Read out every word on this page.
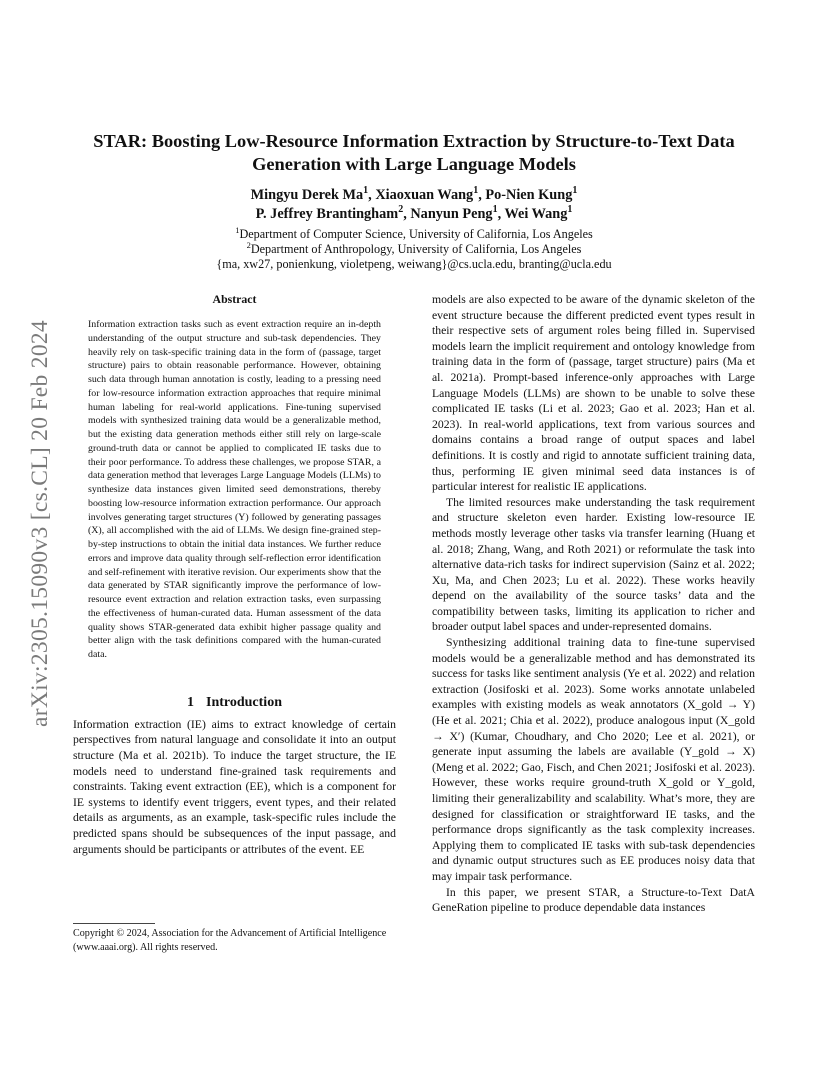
arXiv:2305.15090v3 [cs.CL] 20 Feb 2024
STAR: Boosting Low-Resource Information Extraction by Structure-to-Text Data Generation with Large Language Models
Mingyu Derek Ma$^1$, Xiaoxuan Wang$^1$, Po-Nien Kung$^1$
P. Jeffrey Brantingham$^2$, Nanyun Peng$^1$, Wei Wang$^1$
$^1$Department of Computer Science, University of California, Los Angeles
$^2$Department of Anthropology, University of California, Los Angeles
{ma, xw27, ponienkung, violetpeng, weiwang}@cs.ucla.edu, branting@ucla.edu
Abstract

Information extraction tasks such as event extraction require an in-depth understanding of the output structure and sub-task dependencies. They heavily rely on task-specific training data in the form of (passage, target structure) pairs to obtain reasonable performance. However, obtaining such data through human annotation is costly, leading to a pressing need for low-resource information extraction approaches that require minimal human labeling for real-world applications. Fine-tuning supervised models with synthesized training data would be a generalizable method, but the existing data generation methods either still rely on large-scale ground-truth data or cannot be applied to complicated IE tasks due to their poor performance. To address these challenges, we propose STAR, a data generation method that leverages Large Language Models (LLMs) to synthesize data instances given limited seed demonstrations, thereby boosting low-resource information extraction performance. Our approach involves generating target structures (Y) followed by generating passages (X), all accomplished with the aid of LLMs. We design fine-grained step-by-step instructions to obtain the initial data instances. We further reduce errors and improve data quality through self-reflection error identification and self-refinement with iterative revision. Our experiments show that the data generated by STAR significantly improve the performance of low-resource event extraction and relation extraction tasks, even surpassing the effectiveness of human-curated data. Human assessment of the data quality shows STAR-generated data exhibit higher passage quality and better align with the task definitions compared with the human-curated data.

1 Introduction

Information extraction (IE) aims to extract knowledge of certain perspectives from natural language and consolidate it into an output structure (Ma et al. 2021b). To induce the target structure, the IE models need to understand fine-grained task requirements and constraints. Taking event extraction (EE), which is a component for IE systems to identify event triggers, event types, and their related details as arguments, as an example, task-specific rules include the predicted spans should be subsequences of the input passage, and arguments should be participants or attributes of the event. EE

models are also expected to be aware of the dynamic skeleton of the event structure because the different predicted event types result in their respective sets of argument roles being filled in. Supervised models learn the implicit requirement and ontology knowledge from training data in the form of (passage, target structure) pairs (Ma et al. 2021a). Prompt-based inference-only approaches with Large Language Models (LLMs) are shown to be unable to solve these complicated IE tasks (Li et al. 2023; Gao et al. 2023; Han et al. 2023). In real-world applications, text from various sources and domains contains a broad range of output spaces and label definitions. It is costly and rigid to annotate sufficient training data, thus, performing IE given minimal seed data instances is of particular interest for realistic IE applications.

The limited resources make understanding the task requirement and structure skeleton even harder. Existing low-resource IE methods mostly leverage other tasks via transfer learning (Huang et al. 2018; Zhang, Wang, and Roth 2021) or reformulate the task into alternative data-rich tasks for indirect supervision (Sainz et al. 2022; Xu, Ma, and Chen 2023; Lu et al. 2022). These works heavily depend on the availability of the source tasks’ data and the compatibility between tasks, limiting its application to richer and broader output label spaces and under-represented domains.

Synthesizing additional training data to fine-tune supervised models would be a generalizable method and has demonstrated its success for tasks like sentiment analysis (Ye et al. 2022) and relation extraction (Josifoski et al. 2023). Some works annotate unlabeled examples with existing models as weak annotators (X_gold → Y) (He et al. 2021; Chia et al. 2022), produce analogous input (X_gold → X′) (Kumar, Choudhary, and Cho 2020; Lee et al. 2021), or generate input assuming the labels are available (Y_gold → X) (Meng et al. 2022; Gao, Fisch, and Chen 2021; Josifoski et al. 2023). However, these works require ground-truth X_gold or Y_gold, limiting their generalizability and scalability. What’s more, they are designed for classification or straightforward IE tasks, and the performance drops significantly as the task complexity increases. Applying them to complicated IE tasks with sub-task dependencies and dynamic output structures such as EE produces noisy data that may impair task performance.

In this paper, we present STAR, a Structure-to-Text DatA GeneRation pipeline to produce dependable data instances

Copyright © 2024, Association for the Advancement of Artificial Intelligence (www.aaai.org). All rights reserved.
